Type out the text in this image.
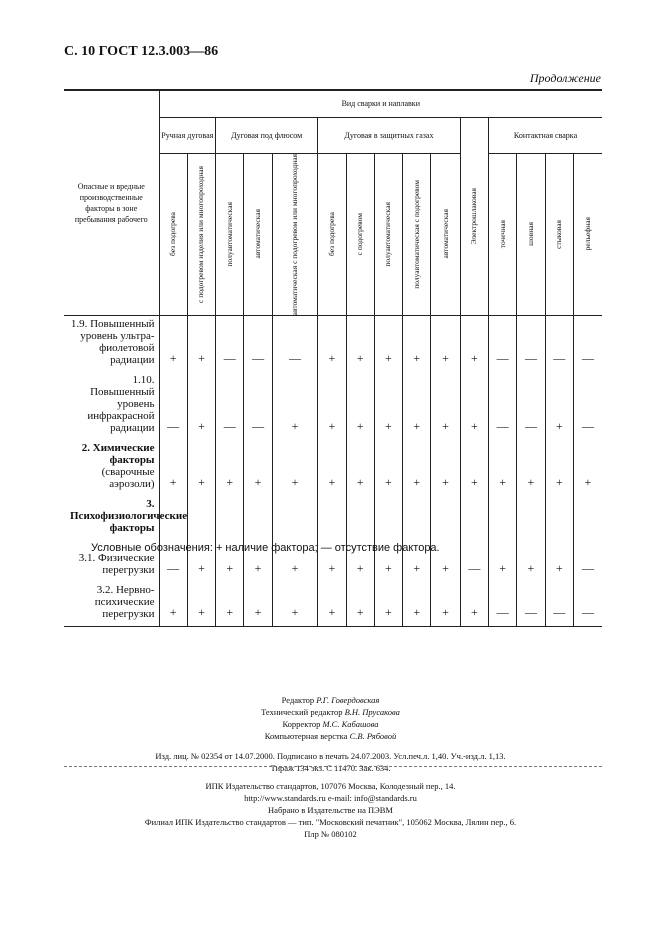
С. 10 ГОСТ 12.3.003—86
Продолжение
Опасные и вредные производственные факторы в зоне пребывания рабочего	Вид сварки и наплавки														
	Ручная дуговая		Дуговая под флюсом			Дуговая в защитных газах					Электрошлаковая	Контактная сварка			

	без подогрева	с подогревом изделия или многопроходная	полуавтоматическая	автоматическая	автоматическая с подогревом или многопроходная	без подогрева	с подогревом	полуавтоматическая	полуавтоматическая с подогревом	автоматическая		точечная	шовная	стыковая	рельефная

1.9. Повышенный уровень ультра-фиолетовой радиации	+	+	—	—	—	+	+	+	+	+	+	—	—	—	—
1.10. Повышенный уровень инфракрасной радиации	—	+	—	—	+	+	+	+	+	+	+	—	—	+	—
2. Химические факторы (сварочные аэрозоли)	+	+	+	+	+	+	+	+	+	+	+	+	+	+	+
3. Психофизиологические факторы															
3.1. Физические перегрузки	—	+	+	+	+	+	+	+	+	+	—	+	+	+	—
3.2. Нервно-психические перегрузки	+	+	+	+	+	+	+	+	+	+	+	—	—	—	—
Условные обозначения: + наличие фактора; — отсутствие фактора.
Редактор Р.Г. Говердовская
Технический редактор В.Н. Прусакова
Корректор М.С. Кабашова
Компьютерная верстка С.В. Рябовой
Изд. лиц. № 02354 от 14.07.2000. Подписано в печать 24.07.2003. Усл.печ.л. 1,40. Уч.-изд.л. 1,13.
Тираж 134 экз. С 11470. Зак. 634.
ИПК Издательство стандартов, 107076 Москва, Колодезный пер., 14.
http://www.standards.ru e-mail: info@standards.ru
Набрано в Издательстве на ПЭВМ
Филиал ИПК Издательство стандартов — тип. "Московский печатник", 105062 Москва, Лялин пер., 6.
Плр № 080102
